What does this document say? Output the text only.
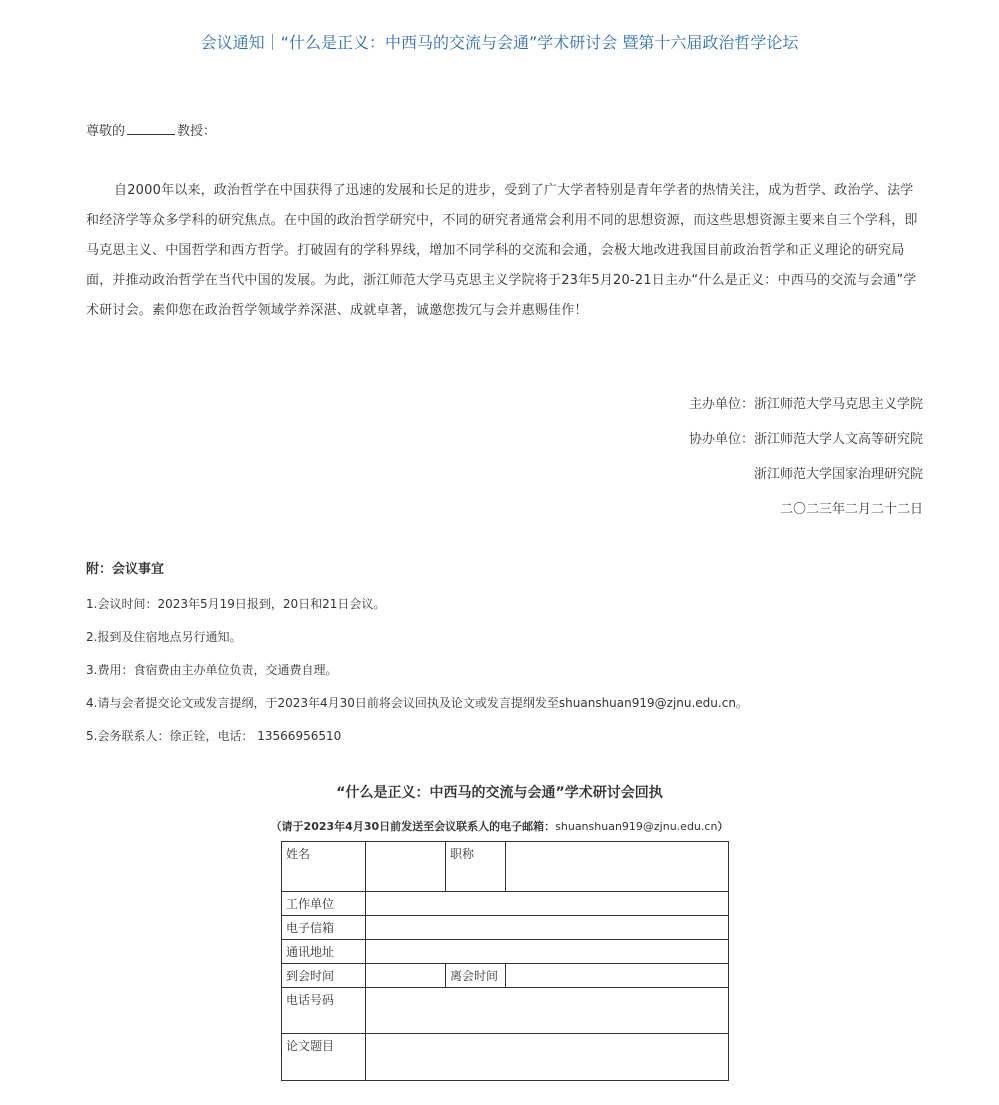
会议通知｜“什么是正义：中西马的交流与会通”学术研讨会 暨第十六届政治哲学论坛
尊敬的	教授：
自2000年以来，政治哲学在中国获得了迅速的发展和长足的进步，受到了广大学者特别是青年学者的热情关注，成为哲学、政治学、法学和经济学等众多学科的研究焦点。在中国的政治哲学研究中，不同的研究者通常会利用不同的思想资源，而这些思想资源主要来自三个学科，即马克思主义、中国哲学和西方哲学。打破固有的学科界线，增加不同学科的交流和会通，会极大地改进我国目前政治哲学和正义理论的研究局面，并推动政治哲学在当代中国的发展。为此，浙江师范大学马克思主义学院将于23年5月20-21日主办“什么是正义：中西马的交流与会通”学术研讨会。素仰您在政治哲学领域学养深湛、成就卓著，诚邀您拨冗与会并惠赐佳作！
主办单位：浙江师范大学马克思主义学院
协办单位：浙江师范大学人文高等研究院
浙江师范大学国家治理研究院
二〇二三年二月二十二日
附：会议事宜
1.会议时间：2023年5月19日报到，20日和21日会议。
2.报到及住宿地点另行通知。
3.费用：食宿费由主办单位负责，交通费自理。
4.请与会者提交论文或发言提纲，于2023年4月30日前将会议回执及论文或发言提纲发至shuanshuan919@zjnu.edu.cn。
5.会务联系人：徐正铨，电话： 13566956510
“什么是正义：中西马的交流与会通”学术研讨会回执
（请于2023年4月30日前发送至会议联系人的电子邮箱：shuanshuan919@zjnu.edu.cn）
姓名		职称	
工作单位			
电子信箱			
通讯地址			
到会时间		离会时间	
电话号码			
论文题目			
